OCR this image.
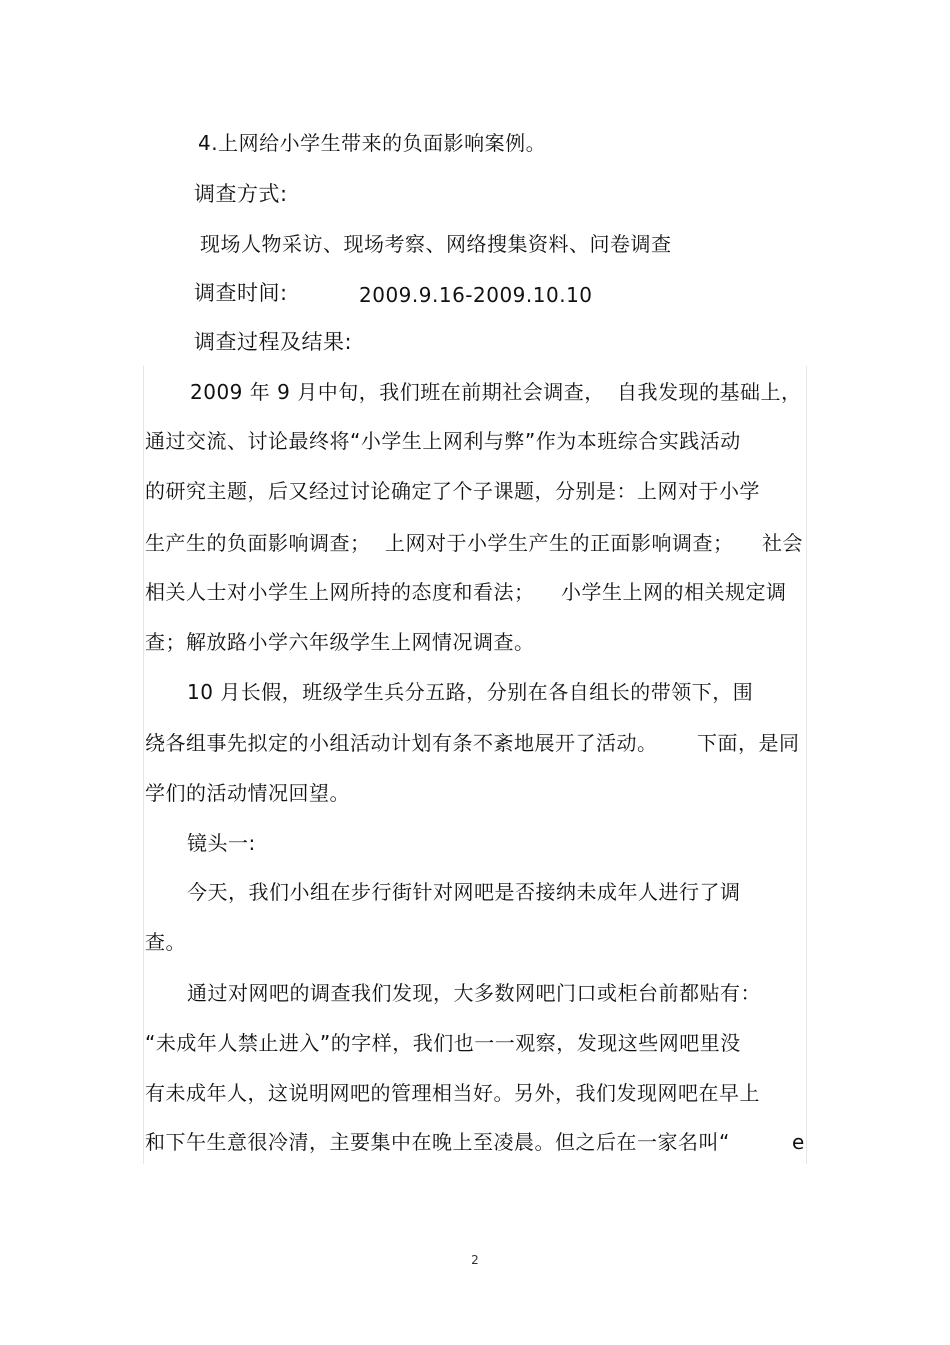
4.上网给小学生带来的负面影响案例。
调查方式:
现场人物采访、现场考察、网络搜集资料、问卷调查
调查时间:	2009.9.16-2009.10.10
调查过程及结果:
2009 年 9 月中旬，我们班在前期社会调查， 自我发现的基础上，
通过交流、讨论最终将“小学生上网利与弊”作为本班综合实践活动
的研究主题，后又经过讨论确定了个子课题，分别是：上网对于小学
生产生的负面影响调查； 上网对于小学生产生的正面影响调查； 社会
相关人士对小学生上网所持的态度和看法； 小学生上网的相关规定调
查；解放路小学六年级学生上网情况调查。
10 月长假，班级学生兵分五路，分别在各自组长的带领下，围
绕各组事先拟定的小组活动计划有条不紊地展开了活动。 下面，是同
学们的活动情况回望。
镜头一:
今天，我们小组在步行街针对网吧是否接纳未成年人进行了调
查。
通过对网吧的调查我们发现，大多数网吧门口或柜台前都贴有：
“未成年人禁止进入”的字样，我们也一一观察，发现这些网吧里没
有未成年人，这说明网吧的管理相当好。另外，我们发现网吧在早上
和下午生意很冷清，主要集中在晚上至凌晨。但之后在一家名叫“	e
2
